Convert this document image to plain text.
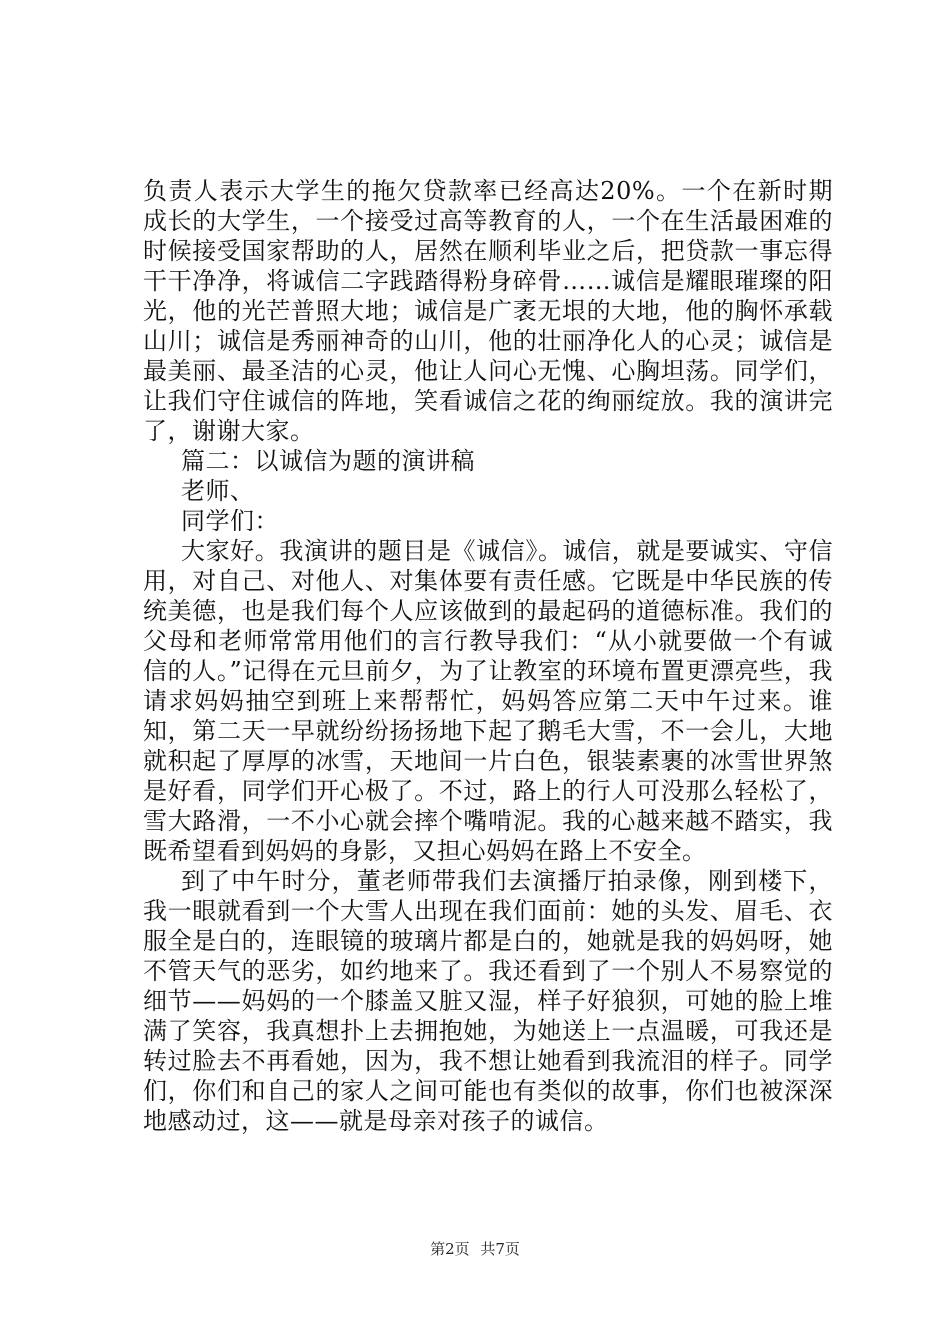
负责人表示大学生的拖欠贷款率已经高达20%。一个在新时期成长的大学生，一个接受过高等教育的人，一个在生活最困难的时候接受国家帮助的人，居然在顺利毕业之后，把贷款一事忘得干干净净，将诚信二字践踏得粉身碎骨……诚信是耀眼璀璨的阳光，他的光芒普照大地；诚信是广袤无垠的大地，他的胸怀承载山川；诚信是秀丽神奇的山川，他的壮丽净化人的心灵；诚信是最美丽、最圣洁的心灵，他让人问心无愧、心胸坦荡。同学们，让我们守住诚信的阵地，笑看诚信之花的绚丽绽放。我的演讲完了，谢谢大家。

篇二：以诚信为题的演讲稿

老师、

同学们：

大家好。我演讲的题目是《诚信》。诚信，就是要诚实、守信用，对自己、对他人、对集体要有责任感。它既是中华民族的传统美德，也是我们每个人应该做到的最起码的道德标准。我们的父母和老师常常用他们的言行教导我们：“从小就要做一个有诚信的人。”记得在元旦前夕，为了让教室的环境布置更漂亮些，我请求妈妈抽空到班上来帮帮忙，妈妈答应第二天中午过来。谁知，第二天一早就纷纷扬扬地下起了鹅毛大雪，不一会儿，大地就积起了厚厚的冰雪，天地间一片白色，银装素裹的冰雪世界煞是好看，同学们开心极了。不过，路上的行人可没那么轻松了，雪大路滑，一不小心就会摔个嘴啃泥。我的心越来越不踏实，我既希望看到妈妈的身影，又担心妈妈在路上不安全。

到了中午时分，董老师带我们去演播厅拍录像，刚到楼下，我一眼就看到一个大雪人出现在我们面前：她的头发、眉毛、衣服全是白的，连眼镜的玻璃片都是白的，她就是我的妈妈呀，她不管天气的恶劣，如约地来了。我还看到了一个别人不易察觉的细节——妈妈的一个膝盖又脏又湿，样子好狼狈，可她的脸上堆满了笑容，我真想扑上去拥抱她，为她送上一点温暖，可我还是转过脸去不再看她，因为，我不想让她看到我流泪的样子。同学们，你们和自己的家人之间可能也有类似的故事，你们也被深深地感动过，这——就是母亲对孩子的诚信。

第2页 共7页
